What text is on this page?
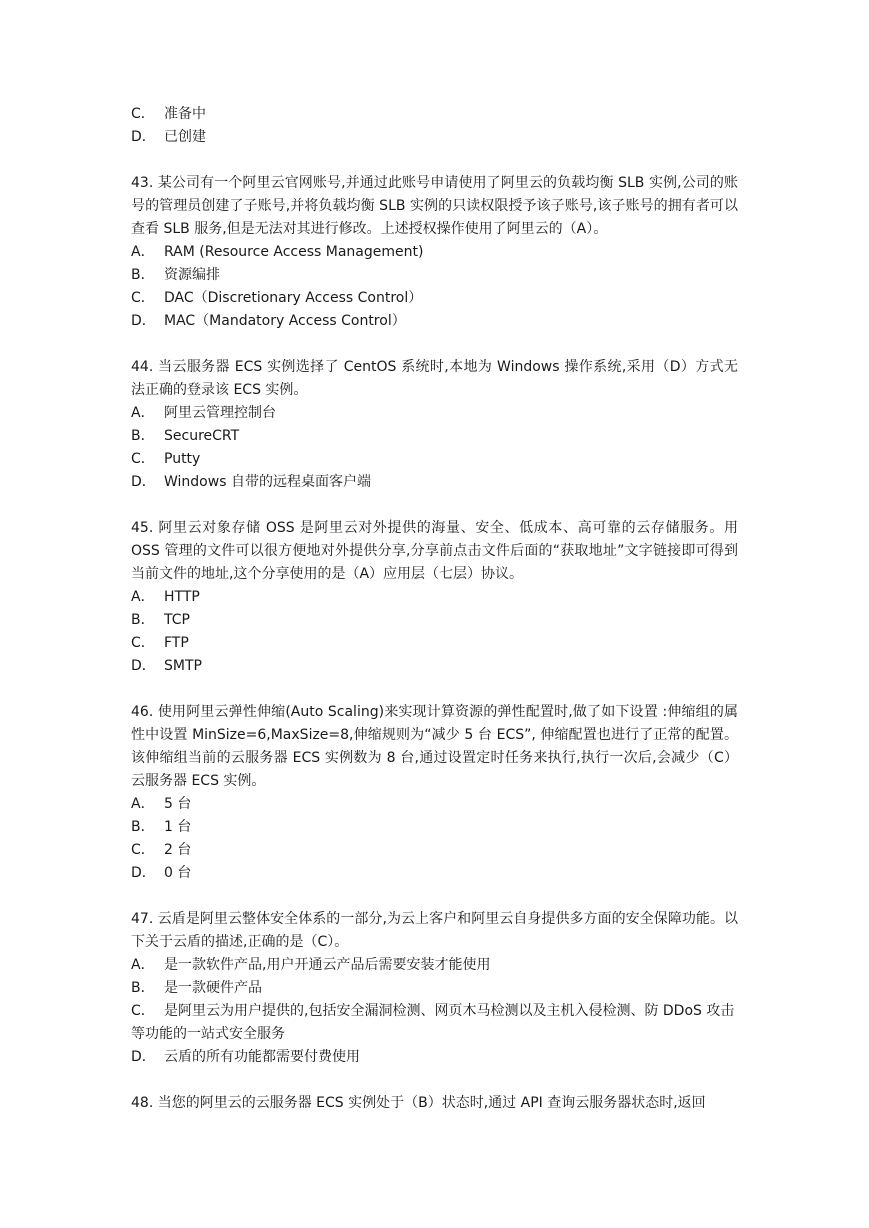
C． 准备中
D． 已创建
43. 某公司有一个阿里云官网账号,并通过此账号申请使用了阿里云的负载均衡 SLB 实例,公司的账号的管理员创建了子账号,并将负载均衡 SLB 实例的只读权限授予该子账号,该子账号的拥有者可以查看 SLB 服务,但是无法对其进行修改。上述授权操作使用了阿里云的（A）。
A． RAM (Resource Access Management)
B． 资源编排
C． DAC（Discretionary Access Control）
D． MAC（Mandatory Access Control）
44. 当云服务器 ECS 实例选择了 CentOS 系统时,本地为 Windows 操作系统,采用（D）方式无法正确的登录该 ECS 实例。
A． 阿里云管理控制台
B． SecureCRT
C． Putty
D． Windows 自带的远程桌面客户端
45. 阿里云对象存储 OSS 是阿里云对外提供的海量、安全、低成本、高可靠的云存储服务。用 OSS 管理的文件可以很方便地对外提供分享,分享前点击文件后面的“获取地址”文字链接即可得到当前文件的地址,这个分享使用的是（A）应用层（七层）协议。
A． HTTP
B． TCP
C． FTP
D． SMTP
46. 使用阿里云弹性伸缩(Auto Scaling)来实现计算资源的弹性配置时,做了如下设置 :伸缩组的属性中设置 MinSize=6,MaxSize=8,伸缩规则为“减少 5 台 ECS”, 伸缩配置也进行了正常的配置。该伸缩组当前的云服务器 ECS 实例数为 8 台,通过设置定时任务来执行,执行一次后,会减少（C）云服务器 ECS 实例。
A． 5 台
B． 1 台
C． 2 台
D． 0 台
47. 云盾是阿里云整体安全体系的一部分,为云上客户和阿里云自身提供多方面的安全保障功能。以下关于云盾的描述,正确的是（C）。
A． 是一款软件产品,用户开通云产品后需要安装才能使用
B． 是一款硬件产品
C． 是阿里云为用户提供的,包括安全漏洞检测、网页木马检测以及主机入侵检测、防 DDoS 攻击等功能的一站式安全服务
D． 云盾的所有功能都需要付费使用
48. 当您的阿里云的云服务器 ECS 实例处于（B）状态时,通过 API 查询云服务器状态时,返回
